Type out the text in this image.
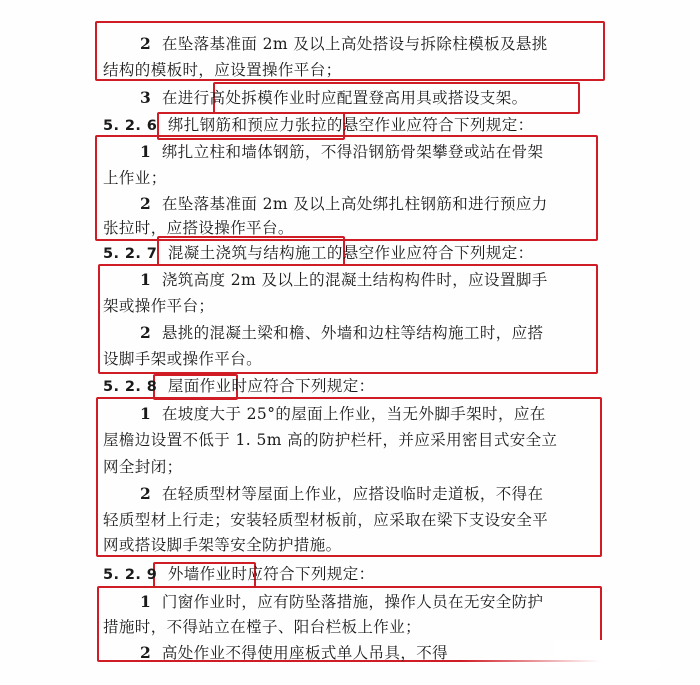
2 在坠落基准面 2m 及以上高处搭设与拆除柱模板及悬挑
结构的模板时，应设置操作平台；
3 在进行高处拆模作业时应配置登高用具或搭设支架。
5. 2. 6 绑扎钢筋和预应力张拉的悬空作业应符合下列规定：
1 绑扎立柱和墙体钢筋，不得沿钢筋骨架攀登或站在骨架
上作业；
2 在坠落基准面 2m 及以上高处绑扎柱钢筋和进行预应力
张拉时，应搭设操作平台。
5. 2. 7 混凝土浇筑与结构施工的悬空作业应符合下列规定：
1 浇筑高度 2m 及以上的混凝土结构构件时，应设置脚手
架或操作平台；
2 悬挑的混凝土梁和檐、外墙和边柱等结构施工时，应搭
设脚手架或操作平台。
5. 2. 8 屋面作业时应符合下列规定：
1 在坡度大于 25°的屋面上作业，当无外脚手架时，应在
屋檐边设置不低于 1. 5m 高的防护栏杆，并应采用密目式安全立
网全封闭；
2 在轻质型材等屋面上作业，应搭设临时走道板，不得在
轻质型材上行走；安装轻质型材板前，应采取在梁下支设安全平
网或搭设脚手架等安全防护措施。
5. 2. 9 外墙作业时应符合下列规定：
1 门窗作业时，应有防坠落措施，操作人员在无安全防护
措施时，不得站立在樘子、阳台栏板上作业；
2 高处作业不得使用座板式单人吊具，不得
